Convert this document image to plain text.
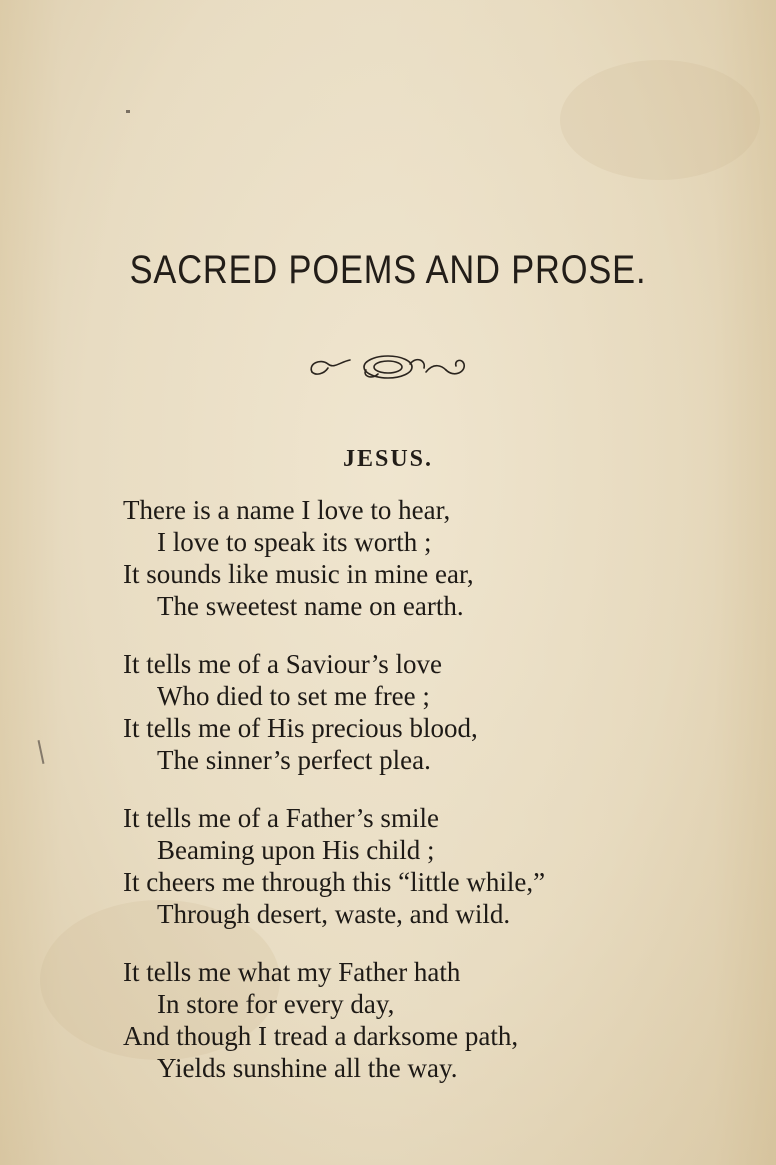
SACRED POEMS AND PROSE.
JESUS.
There is a name I love to hear,
I love to speak its worth ;
It sounds like music in mine ear,
The sweetest name on earth.
It tells me of a Saviour’s love
Who died to set me free ;
It tells me of His precious blood,
The sinner’s perfect plea.
It tells me of a Father’s smile
Beaming upon His child ;
It cheers me through this “little while,”
Through desert, waste, and wild.
It tells me what my Father hath
In store for every day,
And though I tread a darksome path,
Yields sunshine all the way.
